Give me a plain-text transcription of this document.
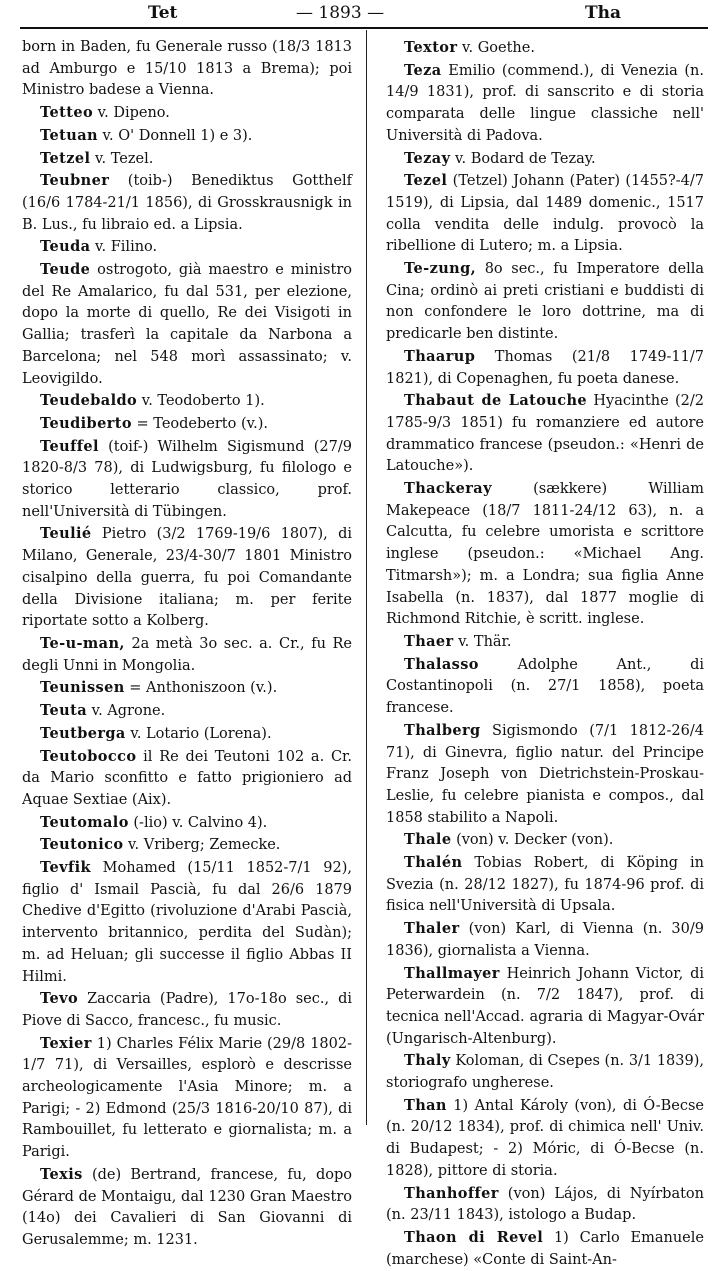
Tet	— 1893 —	Tha

born in Baden, fu Generale russo (18/3 1813 ad Amburgo e 15/10 1813 a Brema); poi Ministro badese a Vienna.

Tetteo v. Dipeno.

Tetuan v. O' Donnell 1) e 3).

Tetzel v. Tezel.

Teubner (toib-) Benediktus Gotthelf (16/6 1784-21/1 1856), di Grosskrausnigk in B. Lus., fu libraio ed. a Lipsia.

Teuda v. Filino.

Teude ostrogoto, già maestro e ministro del Re Amalarico, fu dal 531, per elezione, dopo la morte di quello, Re dei Visigoti in Gallia; trasferì la capitale da Narbona a Barcelona; nel 548 morì assassinato; v. Leovigildo.

Teudebaldo v. Teodoberto 1).

Teudiberto = Teodeberto (v.).

Teuffel (toif-) Wilhelm Sigismund (27/9 1820-8/3 78), di Ludwigsburg, fu filologo e storico letterario classico, prof. nell'Università di Tübingen.

Teulié Pietro (3/2 1769-19/6 1807), di Milano, Generale, 23/4-30/7 1801 Ministro cisalpino della guerra, fu poi Comandante della Divisione italiana; m. per ferite riportate sotto a Kolberg.

Te-u-man, 2a metà 3o sec. a. Cr., fu Re degli Unni in Mongolia.

Teunissen = Anthoniszoon (v.).

Teuta v. Agrone.

Teutberga v. Lotario (Lorena).

Teutobocco il Re dei Teutoni 102 a. Cr. da Mario sconfitto e fatto prigioniero ad Aquae Sextiae (Aix).

Teutomalo (-lio) v. Calvino 4).

Teutonico v. Vriberg; Zemecke.

Tevfik Mohamed (15/11 1852-7/1 92), figlio d' Ismail Pascià, fu dal 26/6 1879 Chedive d'Egitto (rivoluzione d'Arabi Pascià, intervento britannico, perdita del Sudàn); m. ad Heluan; gli successe il figlio Abbas II Hilmi.

Tevo Zaccaria (Padre), 17o-18o sec., di Piove di Sacco, francesc., fu music.

Texier 1) Charles Félix Marie (29/8 1802-1/7 71), di Versailles, esplorò e descrisse archeologicamente l'Asia Minore; m. a Parigi; - 2) Edmond (25/3 1816-20/10 87), di Rambouillet, fu letterato e giornalista; m. a Parigi.

Texis (de) Bertrand, francese, fu, dopo Gérard de Montaigu, dal 1230 Gran Maestro (14o) dei Cavalieri di San Giovanni di Gerusalemme; m. 1231.

Textor v. Goethe.

Teza Emilio (commend.), di Venezia (n. 14/9 1831), prof. di sanscrito e di storia comparata delle lingue classiche nell' Università di Padova.

Tezay v. Bodard de Tezay.

Tezel (Tetzel) Johann (Pater) (1455?-4/7 1519), di Lipsia, dal 1489 domenic., 1517 colla vendita delle indulg. provocò la ribellione di Lutero; m. a Lipsia.

Te-zung, 8o sec., fu Imperatore della Cina; ordinò ai preti cristiani e buddisti di non confondere le loro dottrine, ma di predicarle ben distinte.

Thaarup Thomas (21/8 1749-11/7 1821), di Copenaghen, fu poeta danese.

Thabaut de Latouche Hyacinthe (2/2 1785-9/3 1851) fu romanziere ed autore drammatico francese (pseudon.: «Henri de Latouche»).

Thackeray (sækkere) William Makepeace (18/7 1811-24/12 63), n. a Calcutta, fu celebre umorista e scrittore inglese (pseudon.: «Michael Ang. Titmarsh»); m. a Londra; sua figlia Anne Isabella (n. 1837), dal 1877 moglie di Richmond Ritchie, è scritt. inglese.

Thaer v. Thär.

Thalasso Adolphe Ant., di Costantinopoli (n. 27/1 1858), poeta francese.

Thalberg Sigismondo (7/1 1812-26/4 71), di Ginevra, figlio natur. del Principe Franz Joseph von Dietrichstein-Proskau-Leslie, fu celebre pianista e compos., dal 1858 stabilito a Napoli.

Thale (von) v. Decker (von).

Thalén Tobias Robert, di Köping in Svezia (n. 28/12 1827), fu 1874-96 prof. di fisica nell'Università di Upsala.

Thaler (von) Karl, di Vienna (n. 30/9 1836), giornalista a Vienna.

Thallmayer Heinrich Johann Victor, di Peterwardein (n. 7/2 1847), prof. di tecnica nell'Accad. agraria di Magyar-Ovár (Ungarisch-Altenburg).

Thaly Koloman, di Csepes (n. 3/1 1839), storiografo ungherese.

Than 1) Antal Károly (von), di Ó-Becse (n. 20/12 1834), prof. di chimica nell' Univ. di Budapest; - 2) Móric, di Ó-Becse (n. 1828), pittore di storia.

Thanhoffer (von) Lájos, di Nyírbaton (n. 23/11 1843), istologo a Budap.

Thaon di Revel 1) Carlo Emanuele (marchese) «Conte di Saint-An-
